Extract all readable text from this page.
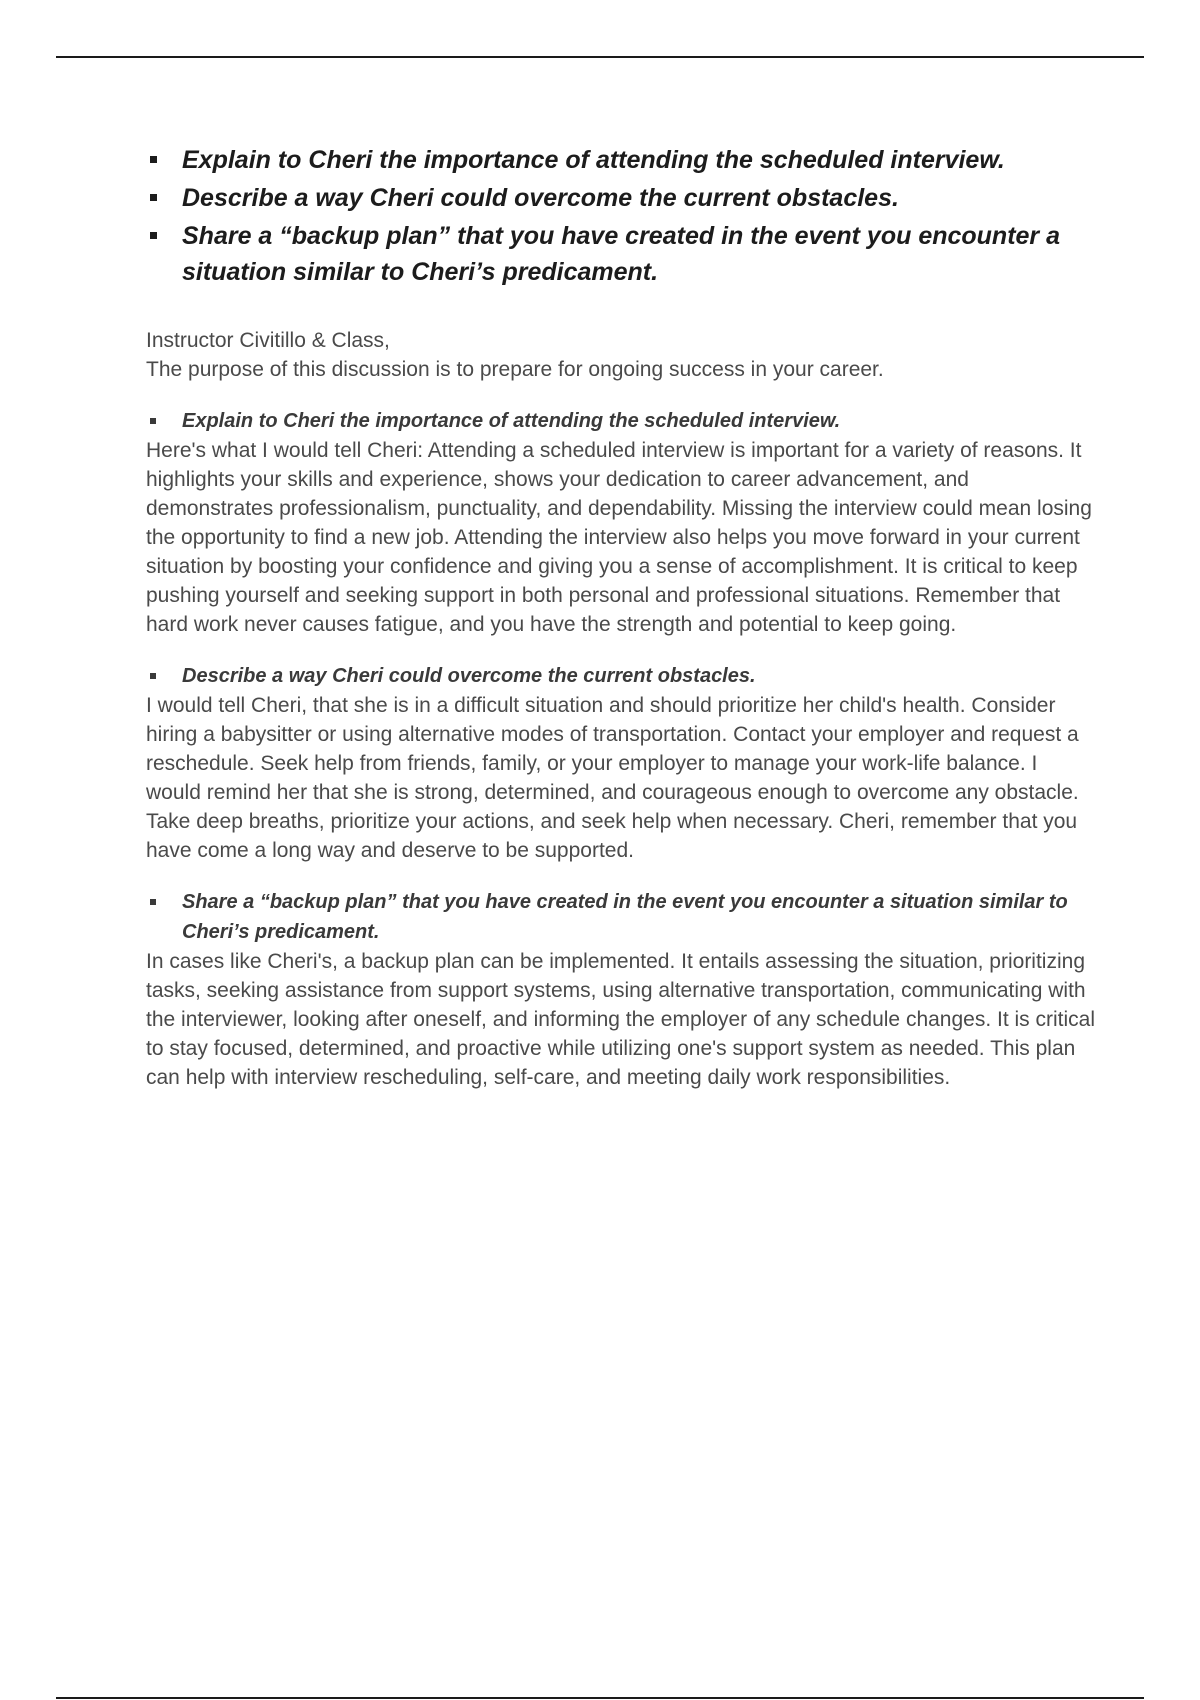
Explain to Cheri the importance of attending the scheduled interview.
Describe a way Cheri could overcome the current obstacles.
Share a “backup plan” that you have created in the event you encounter a situation similar to Cheri’s predicament.
Instructor Civitillo & Class,
The purpose of this discussion is to prepare for ongoing success in your career.
Explain to Cheri the importance of attending the scheduled interview.

Here's what I would tell Cheri: Attending a scheduled interview is important for a variety of reasons. It highlights your skills and experience, shows your dedication to career advancement, and demonstrates professionalism, punctuality, and dependability. Missing the interview could mean losing the opportunity to find a new job. Attending the interview also helps you move forward in your current situation by boosting your confidence and giving you a sense of accomplishment. It is critical to keep pushing yourself and seeking support in both personal and professional situations. Remember that hard work never causes fatigue, and you have the strength and potential to keep going.

Describe a way Cheri could overcome the current obstacles.

I would tell Cheri, that she is in a difficult situation and should prioritize her child's health. Consider hiring a babysitter or using alternative modes of transportation. Contact your employer and request a reschedule. Seek help from friends, family, or your employer to manage your work-life balance. I would remind her that she is strong, determined, and courageous enough to overcome any obstacle. Take deep breaths, prioritize your actions, and seek help when necessary. Cheri, remember that you have come a long way and deserve to be supported.

Share a “backup plan” that you have created in the event you encounter a situation similar to Cheri’s predicament.

In cases like Cheri's, a backup plan can be implemented. It entails assessing the situation, prioritizing tasks, seeking assistance from support systems, using alternative transportation, communicating with the interviewer, looking after oneself, and informing the employer of any schedule changes. It is critical to stay focused, determined, and proactive while utilizing one's support system as needed. This plan can help with interview rescheduling, self-care, and meeting daily work responsibilities.
